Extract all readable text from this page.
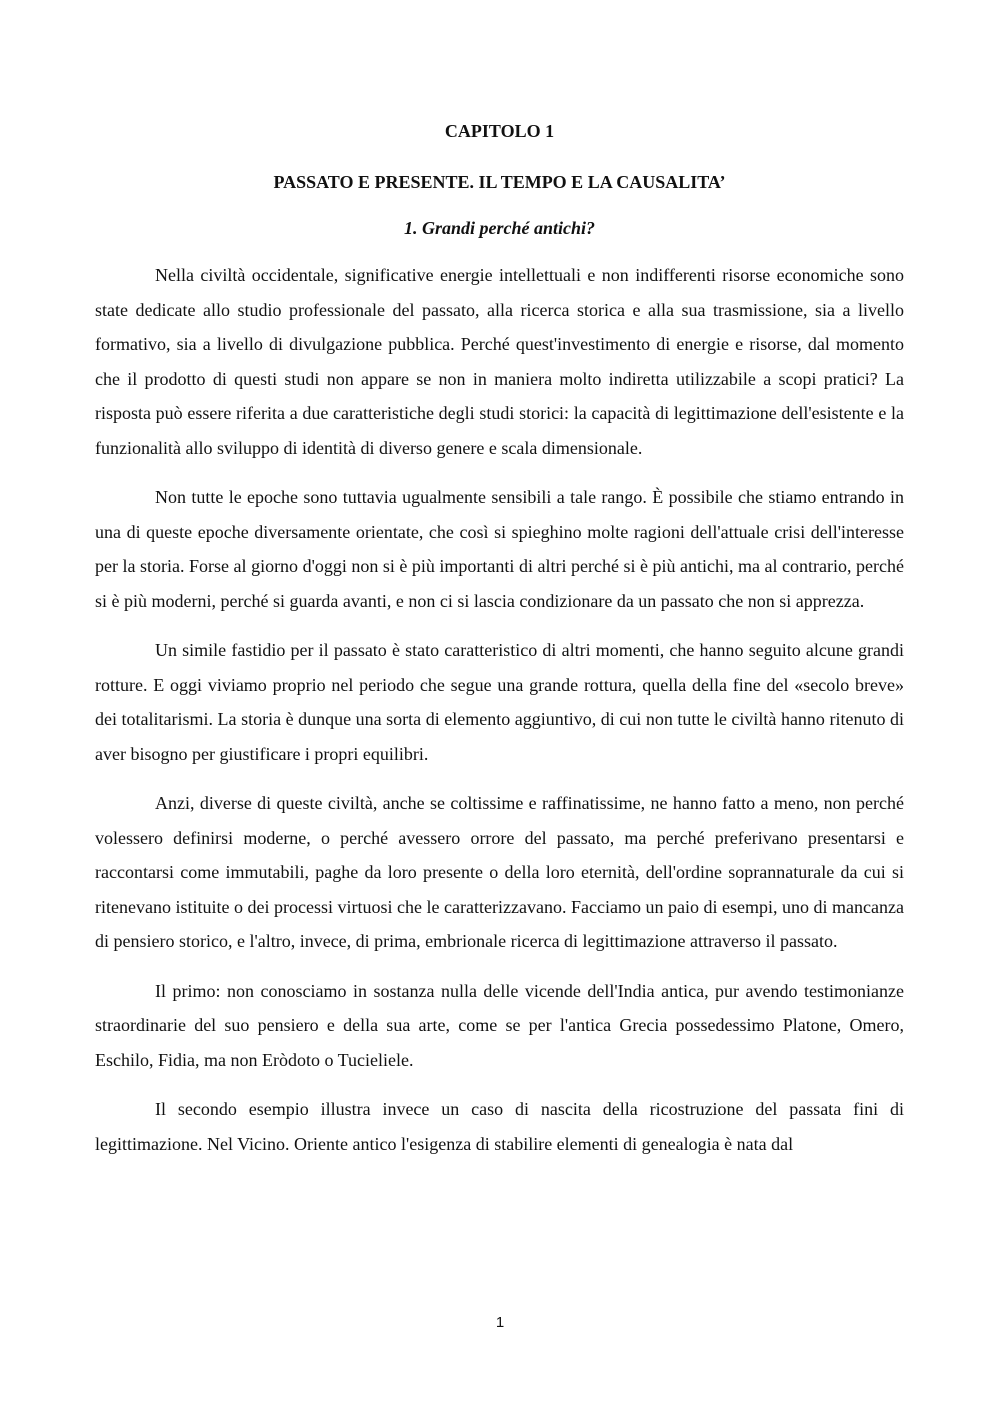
CAPITOLO 1
PASSATO E PRESENTE. IL TEMPO E LA CAUSALITA’
1. Grandi perché antichi?

Nella civiltà occidentale, significative energie intellettuali e non indifferenti risorse economiche sono state dedicate allo studio professionale del passato, alla ricerca storica e alla sua trasmissione, sia a livello formativo, sia a livello di divulgazione pubblica. Perché quest'investimento di energie e risorse, dal momento che il prodotto di questi studi non appare se non in maniera molto indiretta utilizzabile a scopi pratici? La risposta può essere riferita a due caratteristiche degli studi storici: la capacità di legittimazione dell'esistente e la funzionalità allo sviluppo di identità di diverso genere e scala dimensionale.

Non tutte le epoche sono tuttavia ugualmente sensibili a tale rango. È possibile che stiamo entrando in una di queste epoche diversamente orientate, che così si spieghino molte ragioni dell'attuale crisi dell'interesse per la storia. Forse al giorno d'oggi non si è più importanti di altri perché si è più antichi, ma al contrario, perché si è più moderni, perché si guarda avanti, e non ci si lascia condizionare da un passato che non si apprezza.

Un simile fastidio per il passato è stato caratteristico di altri momenti, che hanno seguito alcune grandi rotture. E oggi viviamo proprio nel periodo che segue una grande rottura, quella della fine del «secolo breve» dei totalitarismi. La storia è dunque una sorta di elemento aggiuntivo, di cui non tutte le civiltà hanno ritenuto di aver bisogno per giustificare i propri equilibri.

Anzi, diverse di queste civiltà, anche se coltissime e raffinatissime, ne hanno fatto a meno, non perché volessero definirsi moderne, o perché avessero orrore del passato, ma perché preferivano presentarsi e raccontarsi come immutabili, paghe da loro presente o della loro eternità, dell'ordine soprannaturale da cui si ritenevano istituite o dei processi virtuosi che le caratterizzavano. Facciamo un paio di esempi, uno di mancanza di pensiero storico, e l'altro, invece, di prima, embrionale ricerca di legittimazione attraverso il passato.

Il primo: non conosciamo in sostanza nulla delle vicende dell'India antica, pur avendo testimonianze straordinarie del suo pensiero e della sua arte, come se per l'antica Grecia possedessimo Platone, Omero, Eschilo, Fidia, ma non Eròdoto o Tucieliele.

Il secondo esempio illustra invece un caso di nascita della ricostruzione del passata fini di legittimazione. Nel Vicino. Oriente antico l'esigenza di stabilire elementi di genealogia è nata dal

1
